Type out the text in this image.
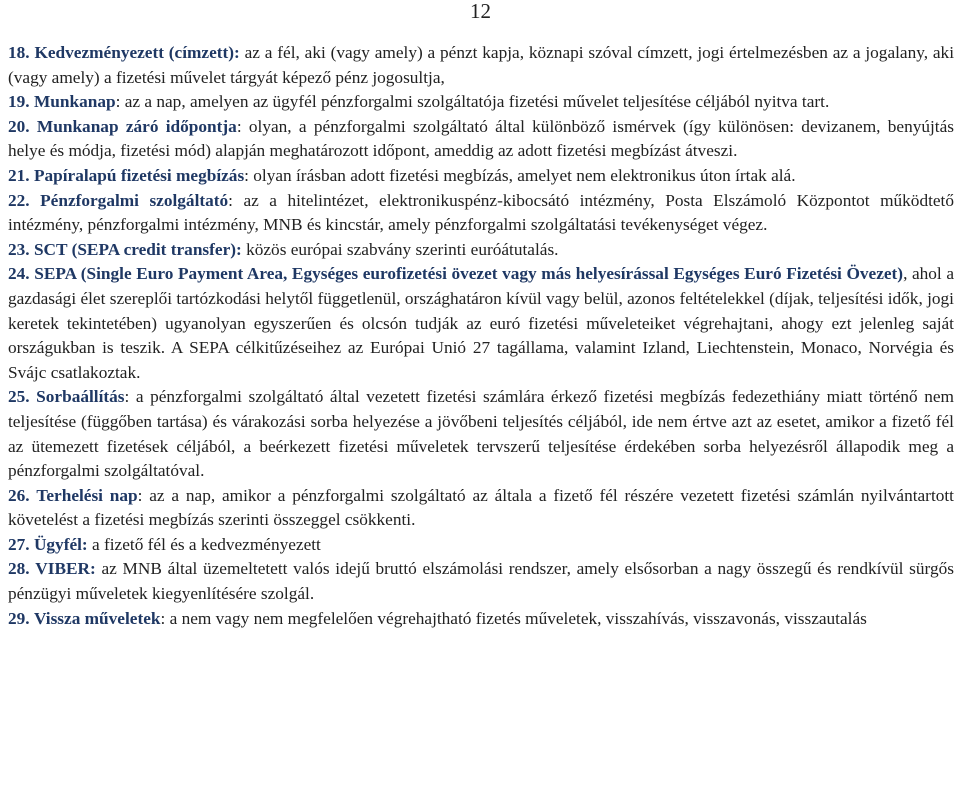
12

18. Kedvezményezett (címzett): az a fél, aki (vagy amely) a pénzt kapja, köznapi szóval címzett, jogi értelmezésben az a jogalany, aki (vagy amely) a fizetési művelet tárgyát képező pénz jogosultja,

19. Munkanap: az a nap, amelyen az ügyfél pénzforgalmi szolgáltatója fizetési művelet teljesítése céljából nyitva tart.

20. Munkanap záró időpontja: olyan, a pénzforgalmi szolgáltató által különböző ismérvek (így különösen: devizanem, benyújtás helye és módja, fizetési mód) alapján meghatározott időpont, ameddig az adott fizetési megbízást átveszi.

21. Papíralapú fizetési megbízás: olyan írásban adott fizetési megbízás, amelyet nem elektronikus úton írtak alá.

22. Pénzforgalmi szolgáltató: az a hitelintézet, elektronikuspénz-kibocsátó intézmény, Posta Elszámoló Központot működtető intézmény, pénzforgalmi intézmény, MNB és kincstár, amely pénzforgalmi szolgáltatási tevékenységet végez.

23. SCT (SEPA credit transfer): közös európai szabvány szerinti euróátutalás.

24. SEPA (Single Euro Payment Area, Egységes eurofizetési övezet vagy más helyesírással Egységes Euró Fizetési Övezet), ahol a gazdasági élet szereplői tartózkodási helytől függetlenül, országhatáron kívül vagy belül, azonos feltételekkel (díjak, teljesítési idők, jogi keretek tekintetében) ugyanolyan egyszerűen és olcsón tudják az euró fizetési műveleteiket végrehajtani, ahogy ezt jelenleg saját országukban is teszik. A SEPA célkitűzéseihez az Európai Unió 27 tagállama, valamint Izland, Liechtenstein, Monaco, Norvégia és Svájc csatlakoztak.

25. Sorbaállítás: a pénzforgalmi szolgáltató által vezetett fizetési számlára érkező fizetési megbízás fedezethiány miatt történő nem teljesítése (függőben tartása) és várakozási sorba helyezése a jövőbeni teljesítés céljából, ide nem értve azt az esetet, amikor a fizető fél az ütemezett fizetések céljából, a beérkezett fizetési műveletek tervszerű teljesítése érdekében sorba helyezésről állapodik meg a pénzforgalmi szolgáltatóval.

26. Terhelési nap: az a nap, amikor a pénzforgalmi szolgáltató az általa a fizető fél részére vezetett fizetési számlán nyilvántartott követelést a fizetési megbízás szerinti összeggel csökkenti.

27. Ügyfél: a fizető fél és a kedvezményezett

28. VIBER: az MNB által üzemeltetett valós idejű bruttó elszámolási rendszer, amely elsősorban a nagy összegű és rendkívül sürgős pénzügyi műveletek kiegyenlítésére szolgál.

29. Vissza műveletek: a nem vagy nem megfelelően végrehajtható fizetés műveletek, visszahívás, visszavonás, visszautalás
